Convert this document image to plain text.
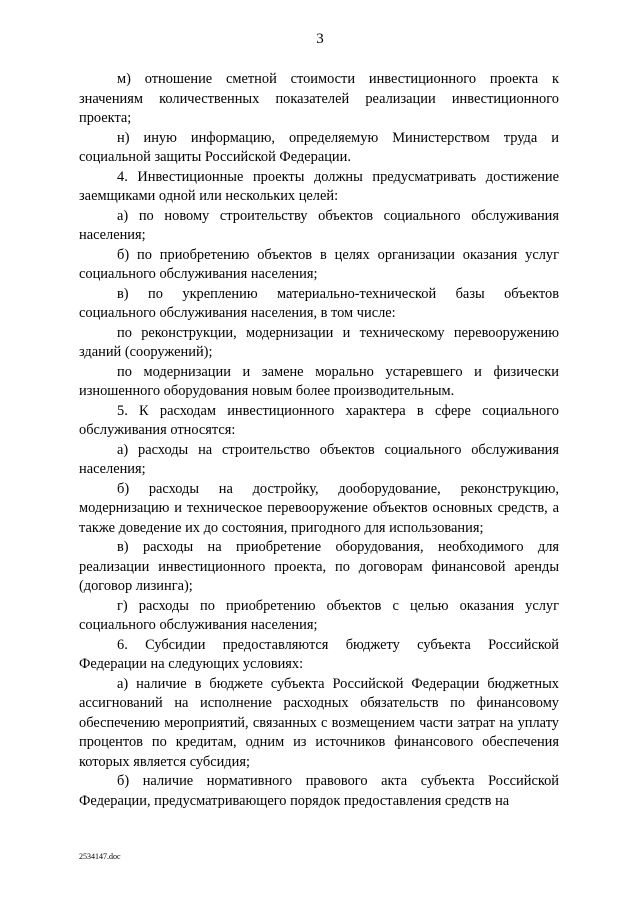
3

м) отношение сметной стоимости инвестиционного проекта к значениям количественных показателей реализации инвестиционного проекта;

н) иную информацию, определяемую Министерством труда и социальной защиты Российской Федерации.

4. Инвестиционные проекты должны предусматривать достижение заемщиками одной или нескольких целей:

а) по новому строительству объектов социального обслуживания населения;

б) по приобретению объектов в целях организации оказания услуг социального обслуживания населения;

в) по укреплению материально-технической базы объектов социального обслуживания населения, в том числе:

по реконструкции, модернизации и техническому перевооружению зданий (сооружений);

по модернизации и замене морально устаревшего и физически изношенного оборудования новым более производительным.

5. К расходам инвестиционного характера в сфере социального обслуживания относятся:

а) расходы на строительство объектов социального обслуживания населения;

б) расходы на достройку, дооборудование, реконструкцию, модернизацию и техническое перевооружение объектов основных средств, а также доведение их до состояния, пригодного для использования;

в) расходы на приобретение оборудования, необходимого для реализации инвестиционного проекта, по договорам финансовой аренды (договор лизинга);

г) расходы по приобретению объектов с целью оказания услуг социального обслуживания населения;

6. Субсидии предоставляются бюджету субъекта Российской Федерации на следующих условиях:

а) наличие в бюджете субъекта Российской Федерации бюджетных ассигнований на исполнение расходных обязательств по финансовому обеспечению мероприятий, связанных с возмещением части затрат на уплату процентов по кредитам, одним из источников финансового обеспечения которых является субсидия;

б) наличие нормативного правового акта субъекта Российской Федерации, предусматривающего порядок предоставления средств на

2534147.doc
